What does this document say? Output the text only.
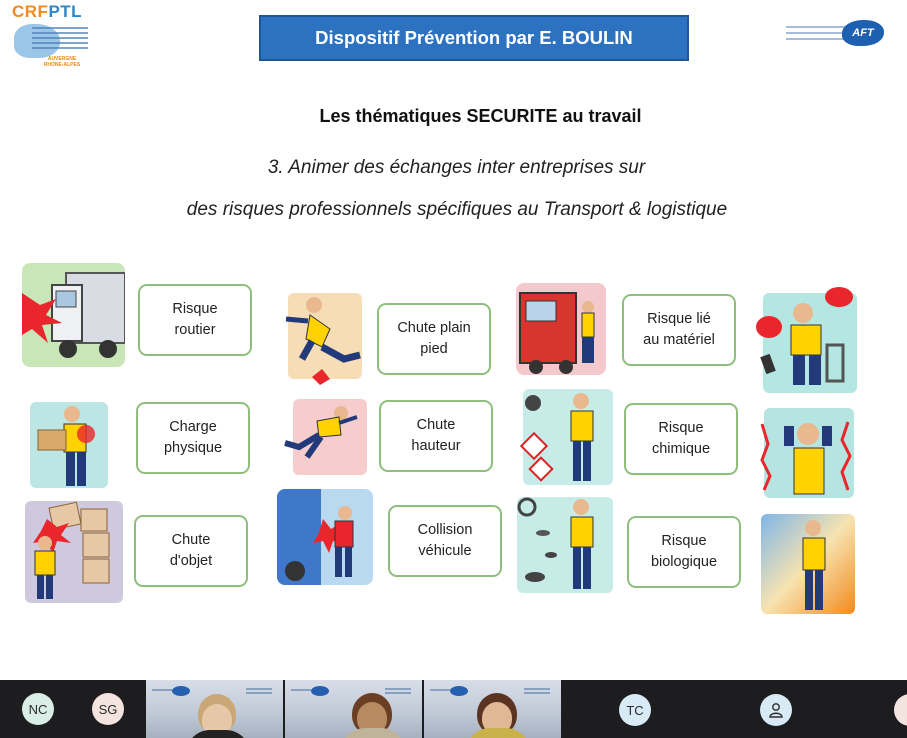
CRFPTL
AUVERGNE RHONE-ALPES
Dispositif Prévention par E. BOULIN	AFT
Les thématiques SECURITE au travail
3. Animer des échanges inter entreprises sur
des risques professionnels spécifiques au Transport & logistique
Risque
routier	Chute plain
pied
Risque lié
au matériel
Charge
physique
Chute
hauteur
Risque
chimique
Chute
d'objet
Collision
véhicule
Risque
biologique
NC	SG	TC
